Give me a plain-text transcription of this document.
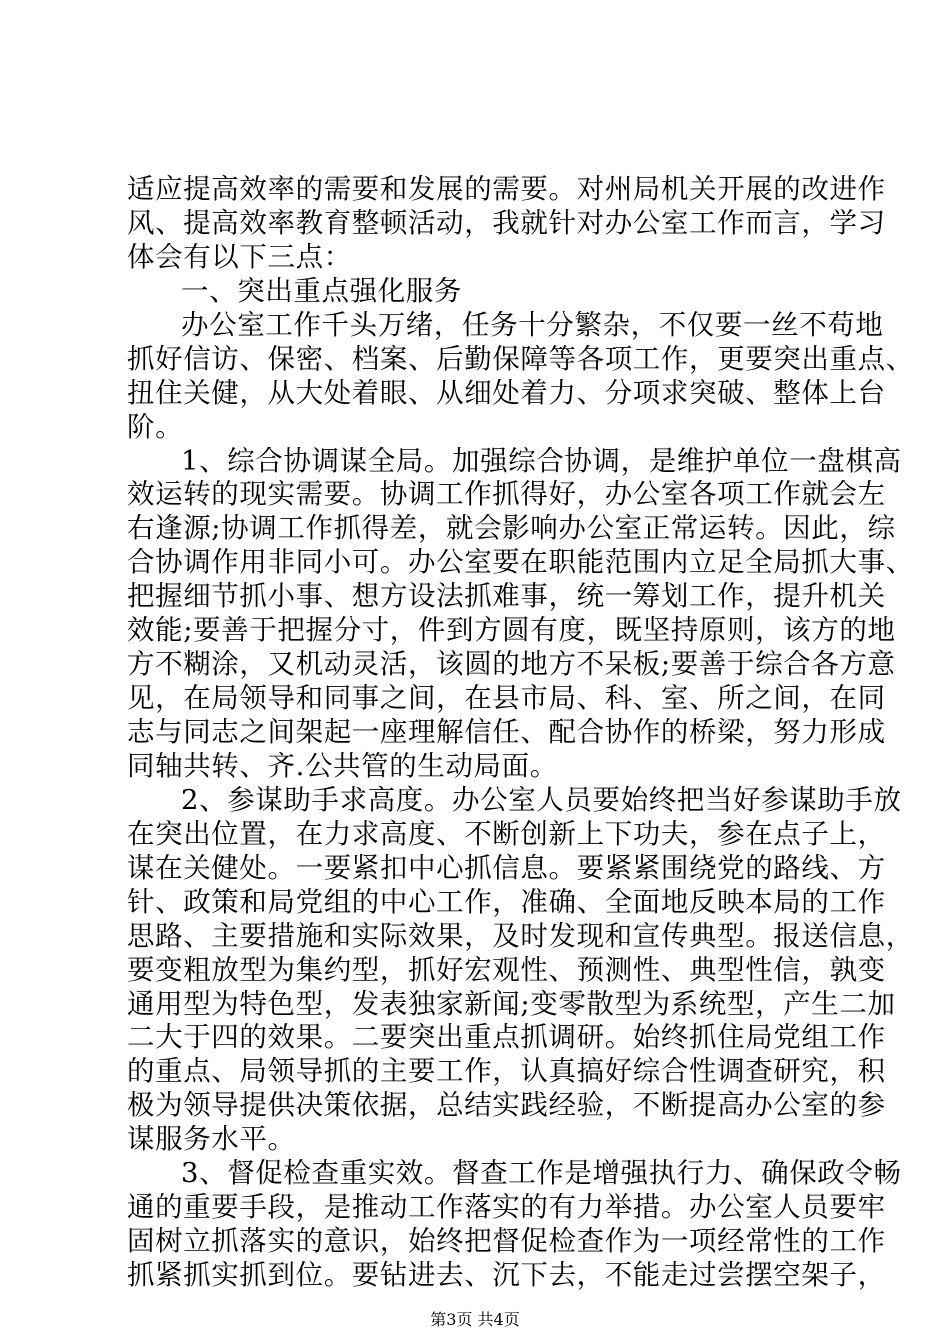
适应提高效率的需要和发展的需要。对州局机关开展的改进作
风、提高效率教育整顿活动，我就针对办公室工作而言，学习
体会有以下三点：
一、突出重点强化服务
办公室工作千头万绪，任务十分繁杂，不仅要一丝不苟地
抓好信访、保密、档案、后勤保障等各项工作，更要突出重点、
扭住关健，从大处着眼、从细处着力、分项求突破、整体上台
阶。
1、综合协调谋全局。加强综合协调，是维护单位一盘棋高
效运转的现实需要。协调工作抓得好，办公室各项工作就会左
右逢源;协调工作抓得差，就会影响办公室正常运转。因此，综
合协调作用非同小可。办公室要在职能范围内立足全局抓大事、
把握细节抓小事、想方设法抓难事，统一筹划工作，提升机关
效能;要善于把握分寸，件到方圆有度，既坚持原则，该方的地
方不糊涂，又机动灵活，该圆的地方不呆板;要善于综合各方意
见，在局领导和同事之间，在县市局、科、室、所之间，在同
志与同志之间架起一座理解信任、配合协作的桥梁，努力形成
同轴共转、齐.公共管的生动局面。
2、参谋助手求高度。办公室人员要始终把当好参谋助手放
在突出位置，在力求高度、不断创新上下功夫，参在点子上，
谋在关健处。一要紧扣中心抓信息。要紧紧围绕党的路线、方
针、政策和局党组的中心工作，准确、全面地反映本局的工作
思路、主要措施和实际效果，及时发现和宣传典型。报送信息，
要变粗放型为集约型，抓好宏观性、预测性、典型性信，孰变
通用型为特色型，发表独家新闻;变零散型为系统型，产生二加
二大于四的效果。二要突出重点抓调研。始终抓住局党组工作
的重点、局领导抓的主要工作，认真搞好综合性调查研究，积
极为领导提供决策依据，总结实践经验，不断提高办公室的参
谋服务水平。
3、督促检查重实效。督查工作是增强执行力、确保政令畅
通的重要手段，是推动工作落实的有力举措。办公室人员要牢
固树立抓落实的意识，始终把督促检查作为一项经常性的工作
抓紧抓实抓到位。要钻进去、沉下去，不能走过尝摆空架子，
第3页 共4页
